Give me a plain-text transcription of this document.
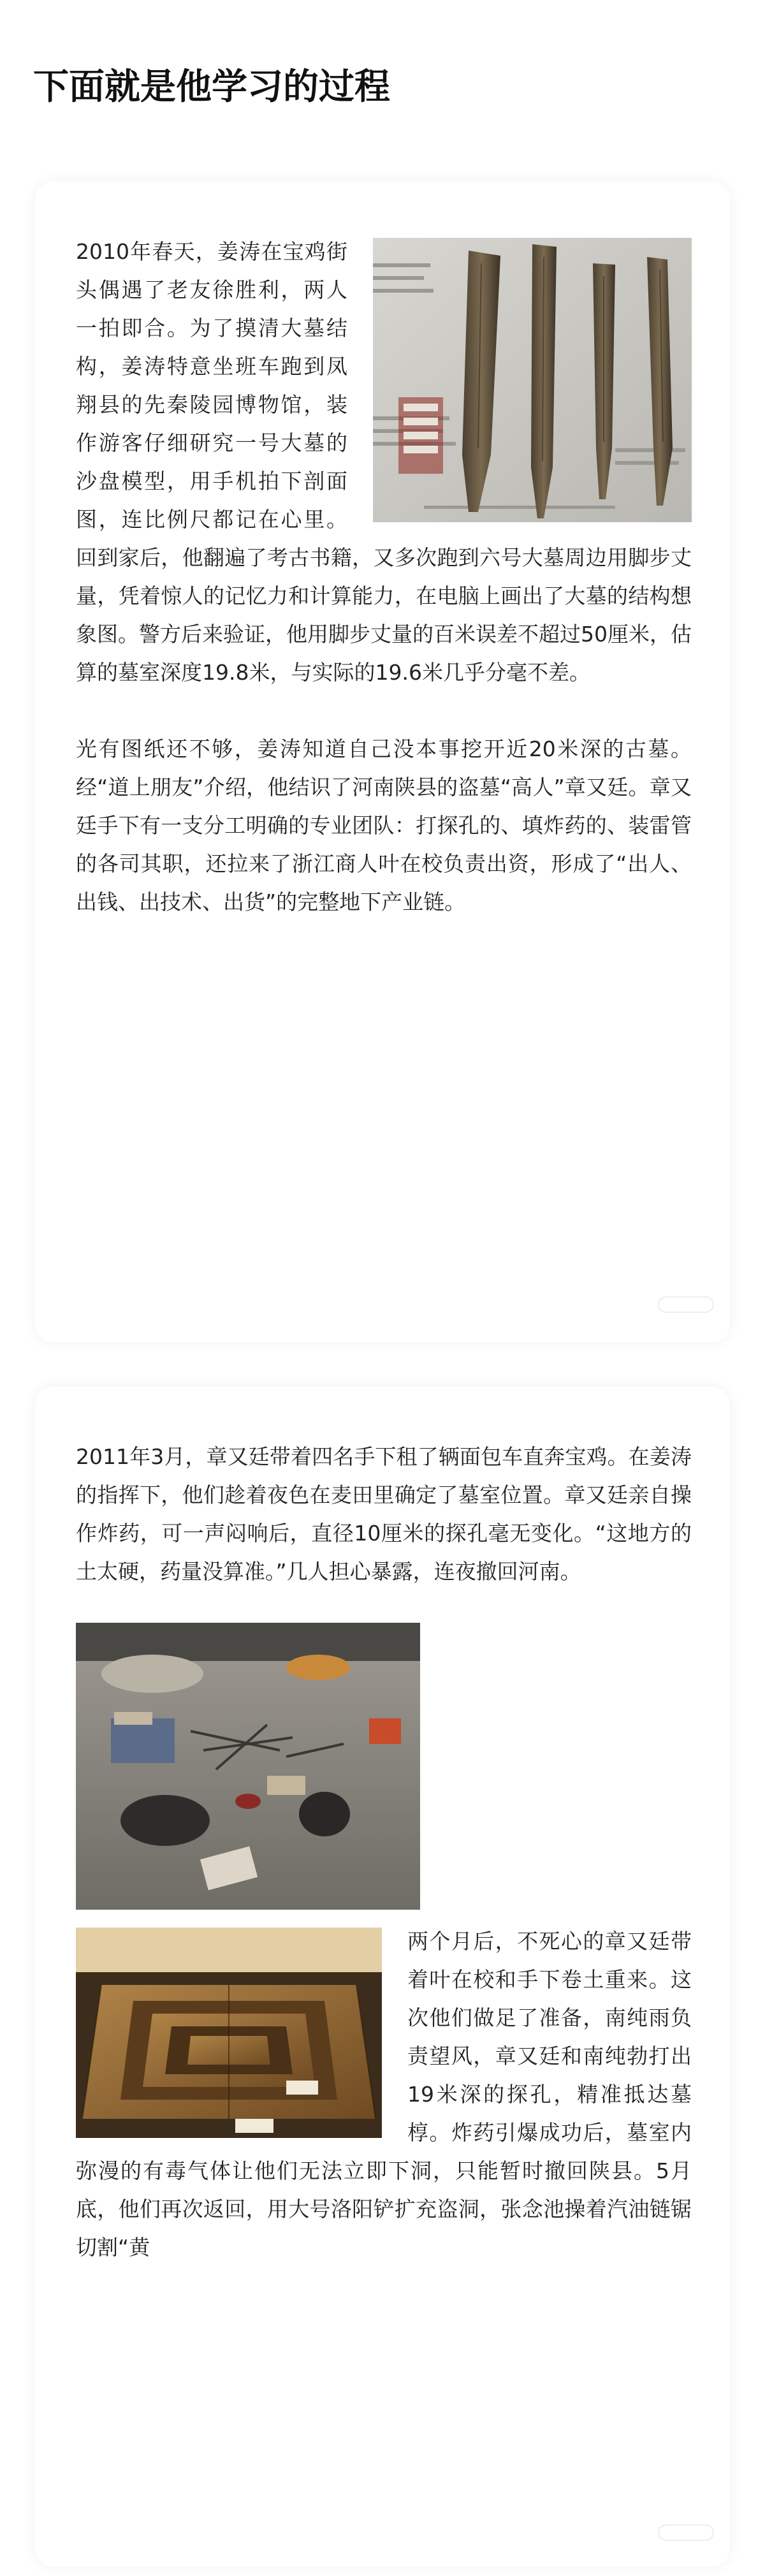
下面就是他学习的过程

2010年春天，姜涛在宝鸡街头偶遇了老友徐胜利，两人一拍即合。为了摸清大墓结构，姜涛特意坐班车跑到凤翔县的先秦陵园博物馆，装作游客仔细研究一号大墓的沙盘模型，用手机拍下剖面图，连比例尺都记在心里。回到家后，他翻遍了考古书籍，又多次跑到六号大墓周边用脚步丈量，凭着惊人的记忆力和计算能力，在电脑上画出了大墓的结构想象图。警方后来验证，他用脚步丈量的百米误差不超过50厘米，估算的墓室深度19.8米，与实际的19.6米几乎分毫不差。

光有图纸还不够，姜涛知道自己没本事挖开近20米深的古墓。经“道上朋友”介绍，他结识了河南陕县的盗墓“高人”章又廷。章又廷手下有一支分工明确的专业团队：打探孔的、填炸药的、装雷管的各司其职，还拉来了浙江商人叶在校负责出资，形成了“出人、出钱、出技术、出货”的完整地下产业链。

2011年3月，章又廷带着四名手下租了辆面包车直奔宝鸡。在姜涛的指挥下，他们趁着夜色在麦田里确定了墓室位置。章又廷亲自操作炸药，可一声闷响后，直径10厘米的探孔毫无变化。“这地方的土太硬，药量没算准。”几人担心暴露，连夜撤回河南。

两个月后，不死心的章又廷带着叶在校和手下卷土重来。这次他们做足了准备，南纯雨负责望风，章又廷和南纯勃打出19米深的探孔，精准抵达墓椁。炸药引爆成功后，墓室内弥漫的有毒气体让他们无法立即下洞，只能暂时撤回陕县。5月底，他们再次返回，用大号洛阳铲扩充盗洞，张念池操着汽油链锯切割“黄
